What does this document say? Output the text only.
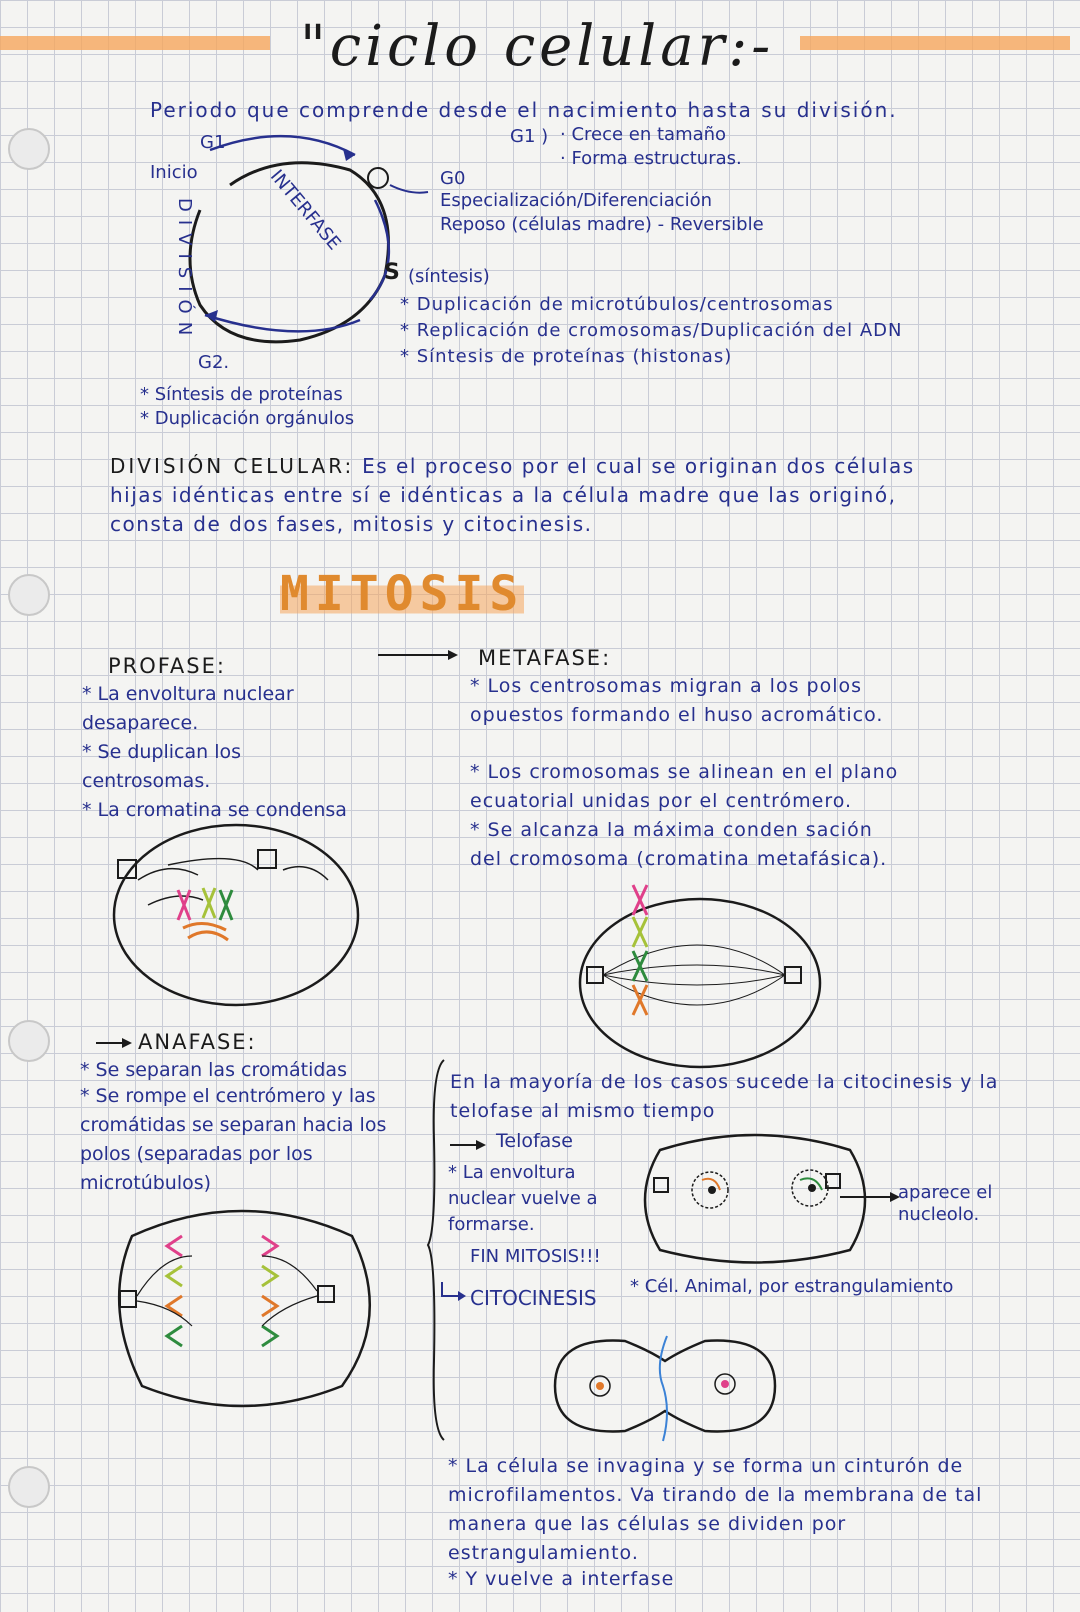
"ciclo celular:-
Periodo que comprende desde el nacimiento hasta su división.
G1
Inicio	INTERFASE
DIVISIÓN
G2.
S
G1 ) · Crece en tamaño
· Forma estructuras.
G0
Especialización/Diferenciación
Reposo (células madre) - Reversible
(síntesis)
* Duplicación de microtúbulos/centrosomas
* Replicación de cromosomas/Duplicación del ADN
* Síntesis de proteínas (histonas)
* Síntesis de proteínas
* Duplicación orgánulos
DIVISIÓN CELULAR: Es el proceso por el cual se originan dos células hijas idénticas entre sí e idénticas a la célula madre que las originó, consta de dos fases, mitosis y citocinesis.
MITOSIS
PROFASE:
* La envoltura nuclear desaparece.
* Se duplican los centrosomas.
* La cromatina se condensa
METAFASE:
* Los centrosomas migran a los polos opuestos formando el huso acromático.
* Los cromosomas se alinean en el plano ecuatorial unidas por el centrómero.
* Se alcanza la máxima conden sación del cromosoma (cromatina metafásica).
ANAFASE:
* Se separan las cromátidas
* Se rompe el centrómero y las cromátidas se separan hacia los polos (separadas por los microtúbulos)
En la mayoría de los casos sucede la citocinesis y la telofase al mismo tiempo
Telofase
* La envoltura nuclear vuelve a formarse.
FIN MITOSIS!!!
aparece el nucleolo.
CITOCINESIS * Cél. Animal, por estrangulamiento
* La célula se invagina y se forma un cinturón de microfilamentos. Va tirando de la membrana de tal manera que las células se dividen por estrangulamiento.
* Y vuelve a interfase
